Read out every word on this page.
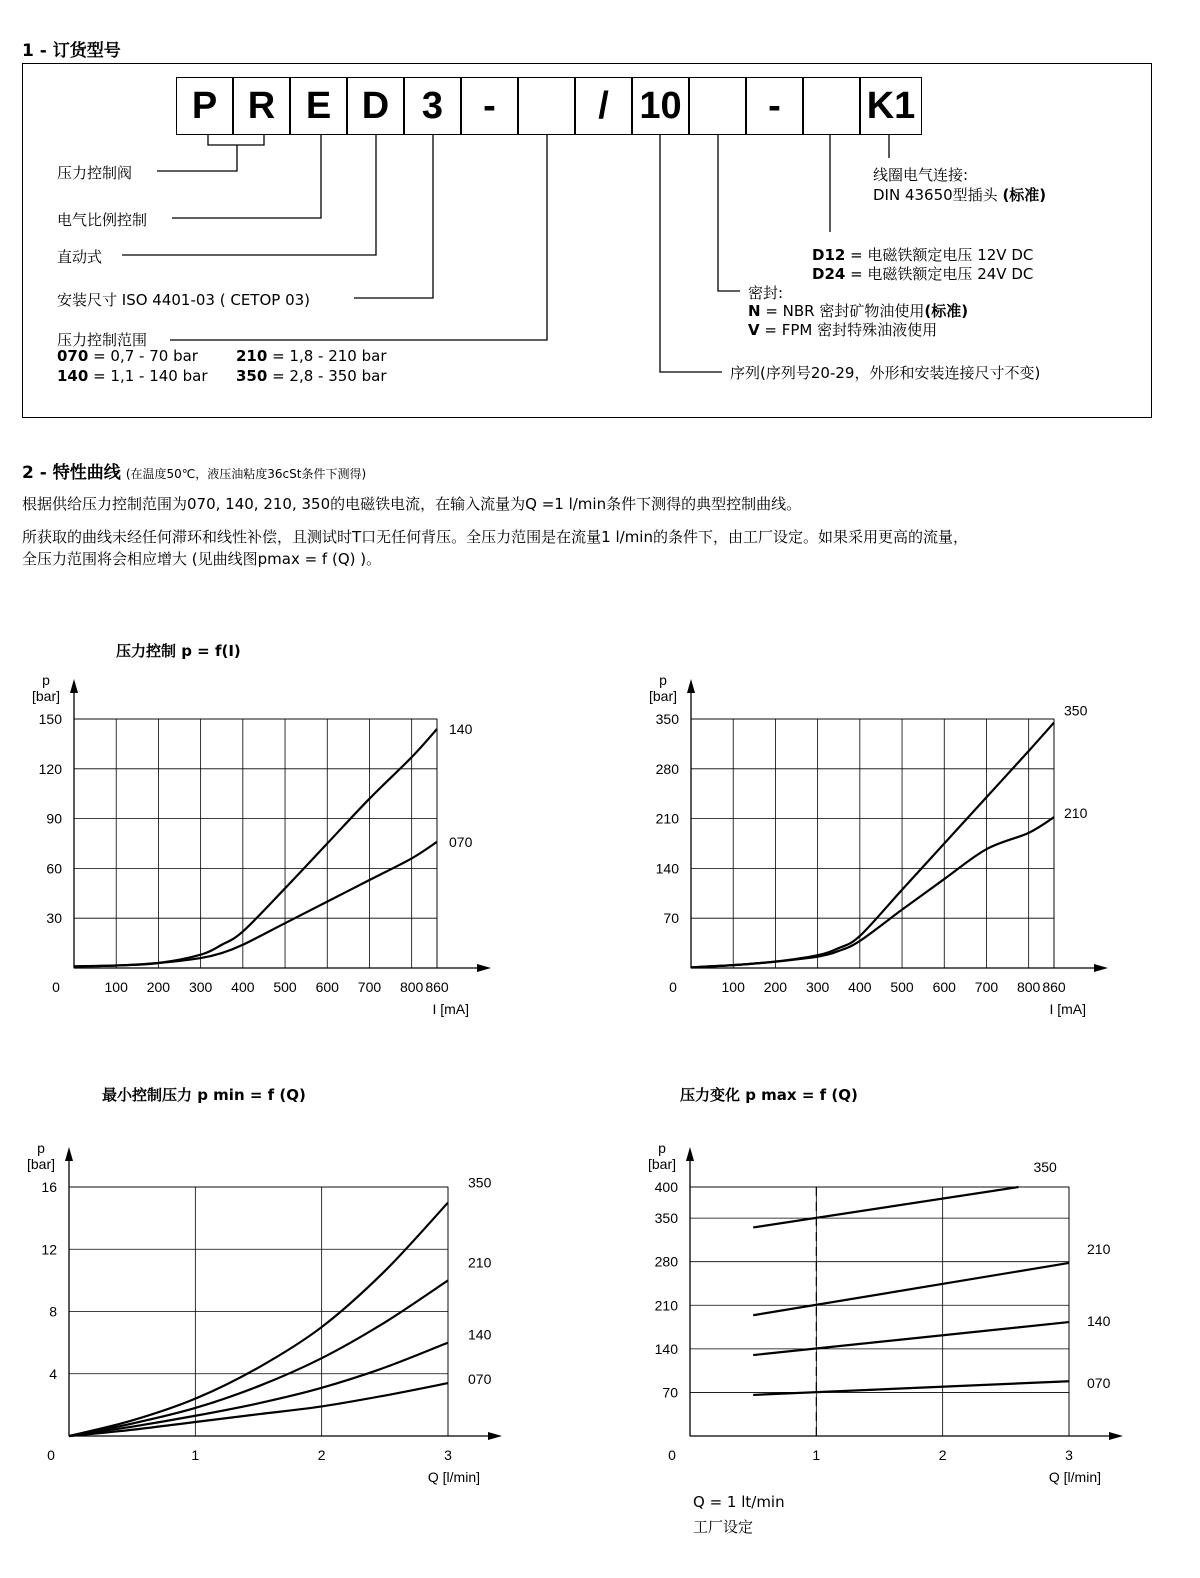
1 - 订货型号
P R E D 3	-	/ 10	-	K1
压力控制阀
电气比例控制
直动式
安装尺寸 ISO 4401-03 ( CETOP 03)
压力控制范围
070 = 0,7 - 70 bar
140 = 1,1 - 140 bar
210 = 1,8 - 210 bar
350 = 2,8 - 350 bar
线圈电气连接:
DIN 43650型插头 (标准)
D12 = 电磁铁额定电压 12V DC
D24 = 电磁铁额定电压 24V DC
密封:
N = NBR 密封矿物油使用(标准)
V = FPM 密封特殊油液使用
序列(序列号20-29，外形和安装连接尺寸不变)
2 - 特性曲线 (在温度50℃，液压油粘度36cSt条件下测得)
根据供给压力控制范围为070, 140, 210, 350的电磁铁电流，在输入流量为Q =1 l/min条件下测得的典型控制曲线。
所获取的曲线未经任何滞环和线性补偿，且测试时T口无任何背压。全压力范围是在流量1 l/min的条件下，由工厂设定。如果采用更高的流量，
全压力范围将会相应增大 (见曲线图pmax = f (Q) )。
压力控制 p = f(I)
最小控制压力 p min = f (Q)	压力变化 p max = f (Q)
Q = 1 lt/min
工厂设定
p
[bar]
I [mA]
0	100 200 300 400 500 600 700 800 860
30
60
90
120
150
140
070
p
[bar]
I [mA]
0	100 200 300 400 500 600 700 800 860
70
140
210
280
350
350
210
p
[bar]
Q [l/min]
0	1	2	3
4
8
12
16	350
210
140
070
p
[bar]
Q [l/min]
0	1	2	3
70
140
210
280
350
400
350
210
140
070
